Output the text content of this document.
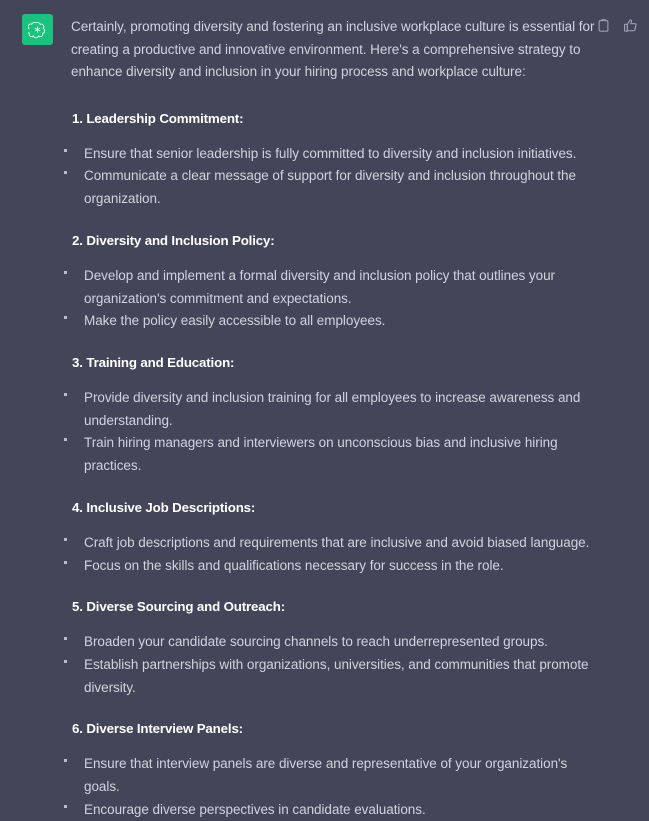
Certainly, promoting diversity and fostering an inclusive workplace culture is essential for creating a productive and innovative environment. Here's a comprehensive strategy to enhance diversity and inclusion in your hiring process and workplace culture:

1. Leadership Commitment:
Ensure that senior leadership is fully committed to diversity and inclusion initiatives.
Communicate a clear message of support for diversity and inclusion throughout the organization.
2. Diversity and Inclusion Policy:
Develop and implement a formal diversity and inclusion policy that outlines your organization's commitment and expectations.
Make the policy easily accessible to all employees.
3. Training and Education:
Provide diversity and inclusion training for all employees to increase awareness and understanding.
Train hiring managers and interviewers on unconscious bias and inclusive hiring practices.
4. Inclusive Job Descriptions:
Craft job descriptions and requirements that are inclusive and avoid biased language.
Focus on the skills and qualifications necessary for success in the role.
5. Diverse Sourcing and Outreach:
Broaden your candidate sourcing channels to reach underrepresented groups.
Establish partnerships with organizations, universities, and communities that promote diversity.
6. Diverse Interview Panels:
Ensure that interview panels are diverse and representative of your organization's goals.
Encourage diverse perspectives in candidate evaluations.
